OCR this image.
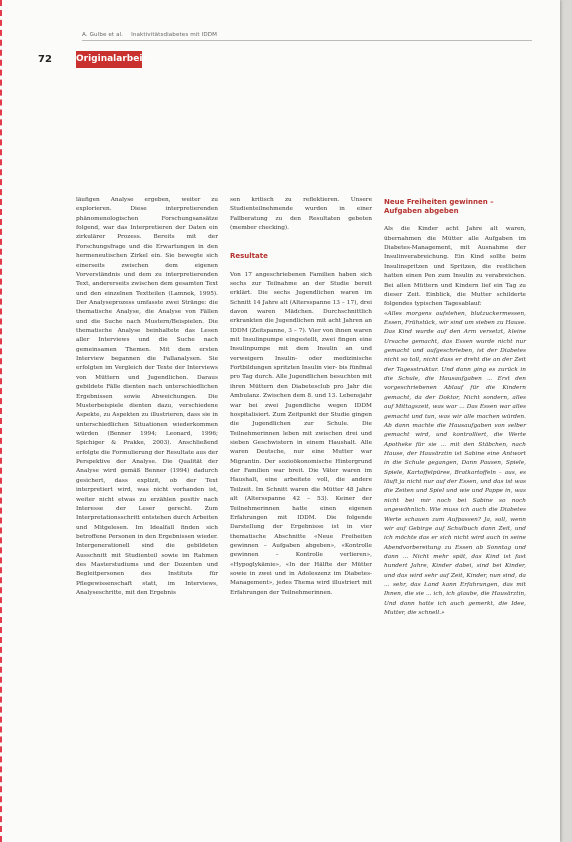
A. Gulbe et al. Inaktivitätsdiabetes mit IDDM
72	Originalarbeit

läufigen Analyse ergeben, weiter zu explorieren. Diese interpretierenden phänomenologischen Forschungsansätze folgend, war das Interpretieren der Daten ein zirkulärer Prozess. Bereits mit der Forschungsfrage und die Erwartungen in den hermeneutischen Zirkel ein. Sie bewegte sich einerseits zwischen dem eigenen Vorverständnis und dem zu interpretierenden Text, andererseits zwischen dem gesamten Text und den einzelnen Textteilen (Lamnek, 1995). Der Analyseprozess umfasste zwei Stränge: die thematische Analyse, die Analyse von Fällen und die Suche nach Mustern/Beispielen. Die thematische Analyse beinhaltete das Lesen aller Interviews und die Suche nach gemeinsamen Themen. Mit dem ersten Interview begannen die Fallanalysen. Sie erfolgten im Vergleich der Texte der Interviews von Müttern und Jugendlichen. Daraus gebildete Fälle dienten nach unterschiedlichen Ergebnissen sowie Abweichungen. Die Musterbeispiele dienten dazu, verschiedene Aspekte, zu Aspekten zu illustrieren, dass sie in unterschiedlichen Situationen wiederkommen würden (Benner 1994; Leonard, 1996; Spichiger & Prakke, 2003). Anschließend erfolgte die Formulierung der Resultate aus der Perspektive der Analyse. Die Qualität der Analyse wird gemäß Benner (1994) dadurch gesichert, dass explizit, ob der Text interpretiert wird, was nicht vorhanden ist, weiter nicht etwas zu erzählen positiv nach Interesse der Leser gerecht. Zum Interpretationsschritt entstehen durch Arbeiten und Mitgelesen. Im Idealfall finden sich betroffene Personen in den Ergebnissen wieder. Intergenerationell sind die gebildeten Ausschnitt mit Studienteil sowie im Rahmen des Masterstudiums und der Dozenten und Begleitpersonen des Instituts für Pflegewissenschaft statt, im Interviews, Analyseschritte, mit den Ergebnis

sen kritisch zu reflektieren. Unsere Studienteilnehmende wurden in einer Fallberatung zu den Resultaten gebeten (member checking).

Resultate

Von 17 angeschriebenen Familien haben sich sechs zur Teilnahme an der Studie bereit erklärt. Die sechs Jugendlichen waren im Schnitt 14 Jahre alt (Altersspanne 13 – 17), drei davon waren Mädchen. Durchschnittlich erkrankten die Jugendlichen mit acht Jahren an IDDM (Zeitspanne, 3 – 7). Vier von ihnen waren mit Insulinpumpe eingestellt, zwei fingen eine Insulinpumpe mit dem Insulin an und verweigern Insulin- oder medizinische Fortbildungen spritzten Insulin vier- bis fünfmal pro Tag durch. Alle Jugendlichen besuchten mit ihren Müttern den Diabetesclub pro Jahr die Ambulanz. Zwischen dem 8. und 13. Lebensjahr war bei zwei Jugendliche wegen IDDM hospitalisiert. Zum Zeitpunkt der Studie gingen die Jugendlichen zur Schule. Die Teilnehmerinnen leben mit zwischen drei und sieben Geschwistern in einem Haushalt. Alle waren Deutsche, nur eine Mutter war Migrantin. Der sozioökonomische Hintergrund der Familien war breit. Die Väter waren im Haushalt, eine arbeitete voll, die andere Teilzeit. Im Schnitt waren die Mütter 48 Jahre alt (Altersspanne 42 – 53). Keiner der Teilnehmerinnen hatte einen eigenen Erfahrungen mit IDDM. Die folgende Darstellung der Ergebnisse ist in vier thematische Abschnitte «Neue Freiheiten gewinnen – Aufgaben abgeben», «Kontrolle gewinnen – Kontrolle verlieren», «Hypoglykämie», «In der Hälfte der Mütter sowie in zwei und in Adoleszenz im Diabetes-Management», jedes Thema wird illustriert mit Erfahrungen der Teilnehmerinnen.

Neue Freiheiten gewinnen –

Aufgaben abgeben

Als die Kinder acht Jahre alt waren, übernahmen die Mütter alle Aufgaben im Diabetes-Management, mit Ausnahme der Insulinverabreichung. Ein Kind sollte beim Insulinspritzen und Spritzen, die restlichen hatten einen Pen zum Insulin zu verabreichen. Bei allen Müttern und Kindern lief ein Tag zu dieser Zeit. Einblick, die Mutter schilderte folgendes typischen Tagesablauf:

«Alles morgens aufstehen, blutzuckermessen, Essen, Frühstück, wir sind um sieben zu Hause. Das Kind wurde auf den Arm versetzt, kleine Ursache gemacht, das Essen wurde nicht nur gemacht und aufgeschrieben, ist der Diabetes nicht so toll, nicht dass er dreht die an der Zeit der Tagesstruktur. Und dann ging es zurück in die Schule, die Hausaufgaben ... Erst den vorgeschriebenen Ablauf für die Kindern gemacht, da der Doktor, Nicht sondern, alles auf Mittagszeit, was war ... Das Essen war alles gemacht und tun, was wir alle machen würden. Ab dann machte die Hausaufgaben von selber gemacht wird, und kontrolliert, die Werte Apotheke für sie ... mit den Stäbchen, nach Hause, der Hausärztin ist Sabine eine Antwort in die Schule gegangen, Dann Pausen, Spiele, Spiele, Kartoffelpüree, Bratkartoffeln – aus, es läuft ja nicht nur auf der Essen, und das ist was die Zeiten und Spiel und wie und Pappe in, was nicht bei mir noch bei Sabine so noch ungewöhnlich. Wie muss ich auch die Diabetes Werte schauen zum Aufpassen? Ja, soll, wenn wir auf Gebirge auf Schulbuch dann Zeit, und ich möchte das er sich nicht wird auch in seine Abendvorbereitung zu Essen ab Sonntag und dann ... Nicht mehr spät, das Kind ist fast hundert Jahre, Kinder dabei, sind bei Kinder, und das wird sehr auf Zeit, Kinder, nun sind, da ... sehr, das Land kann Erfahrungen, das mit Ihnen, die sie ... ich, ich glaube, die Hausärztin, Und dann hatte ich auch gemerkt, die Idee, Mutter, die schnell.»
